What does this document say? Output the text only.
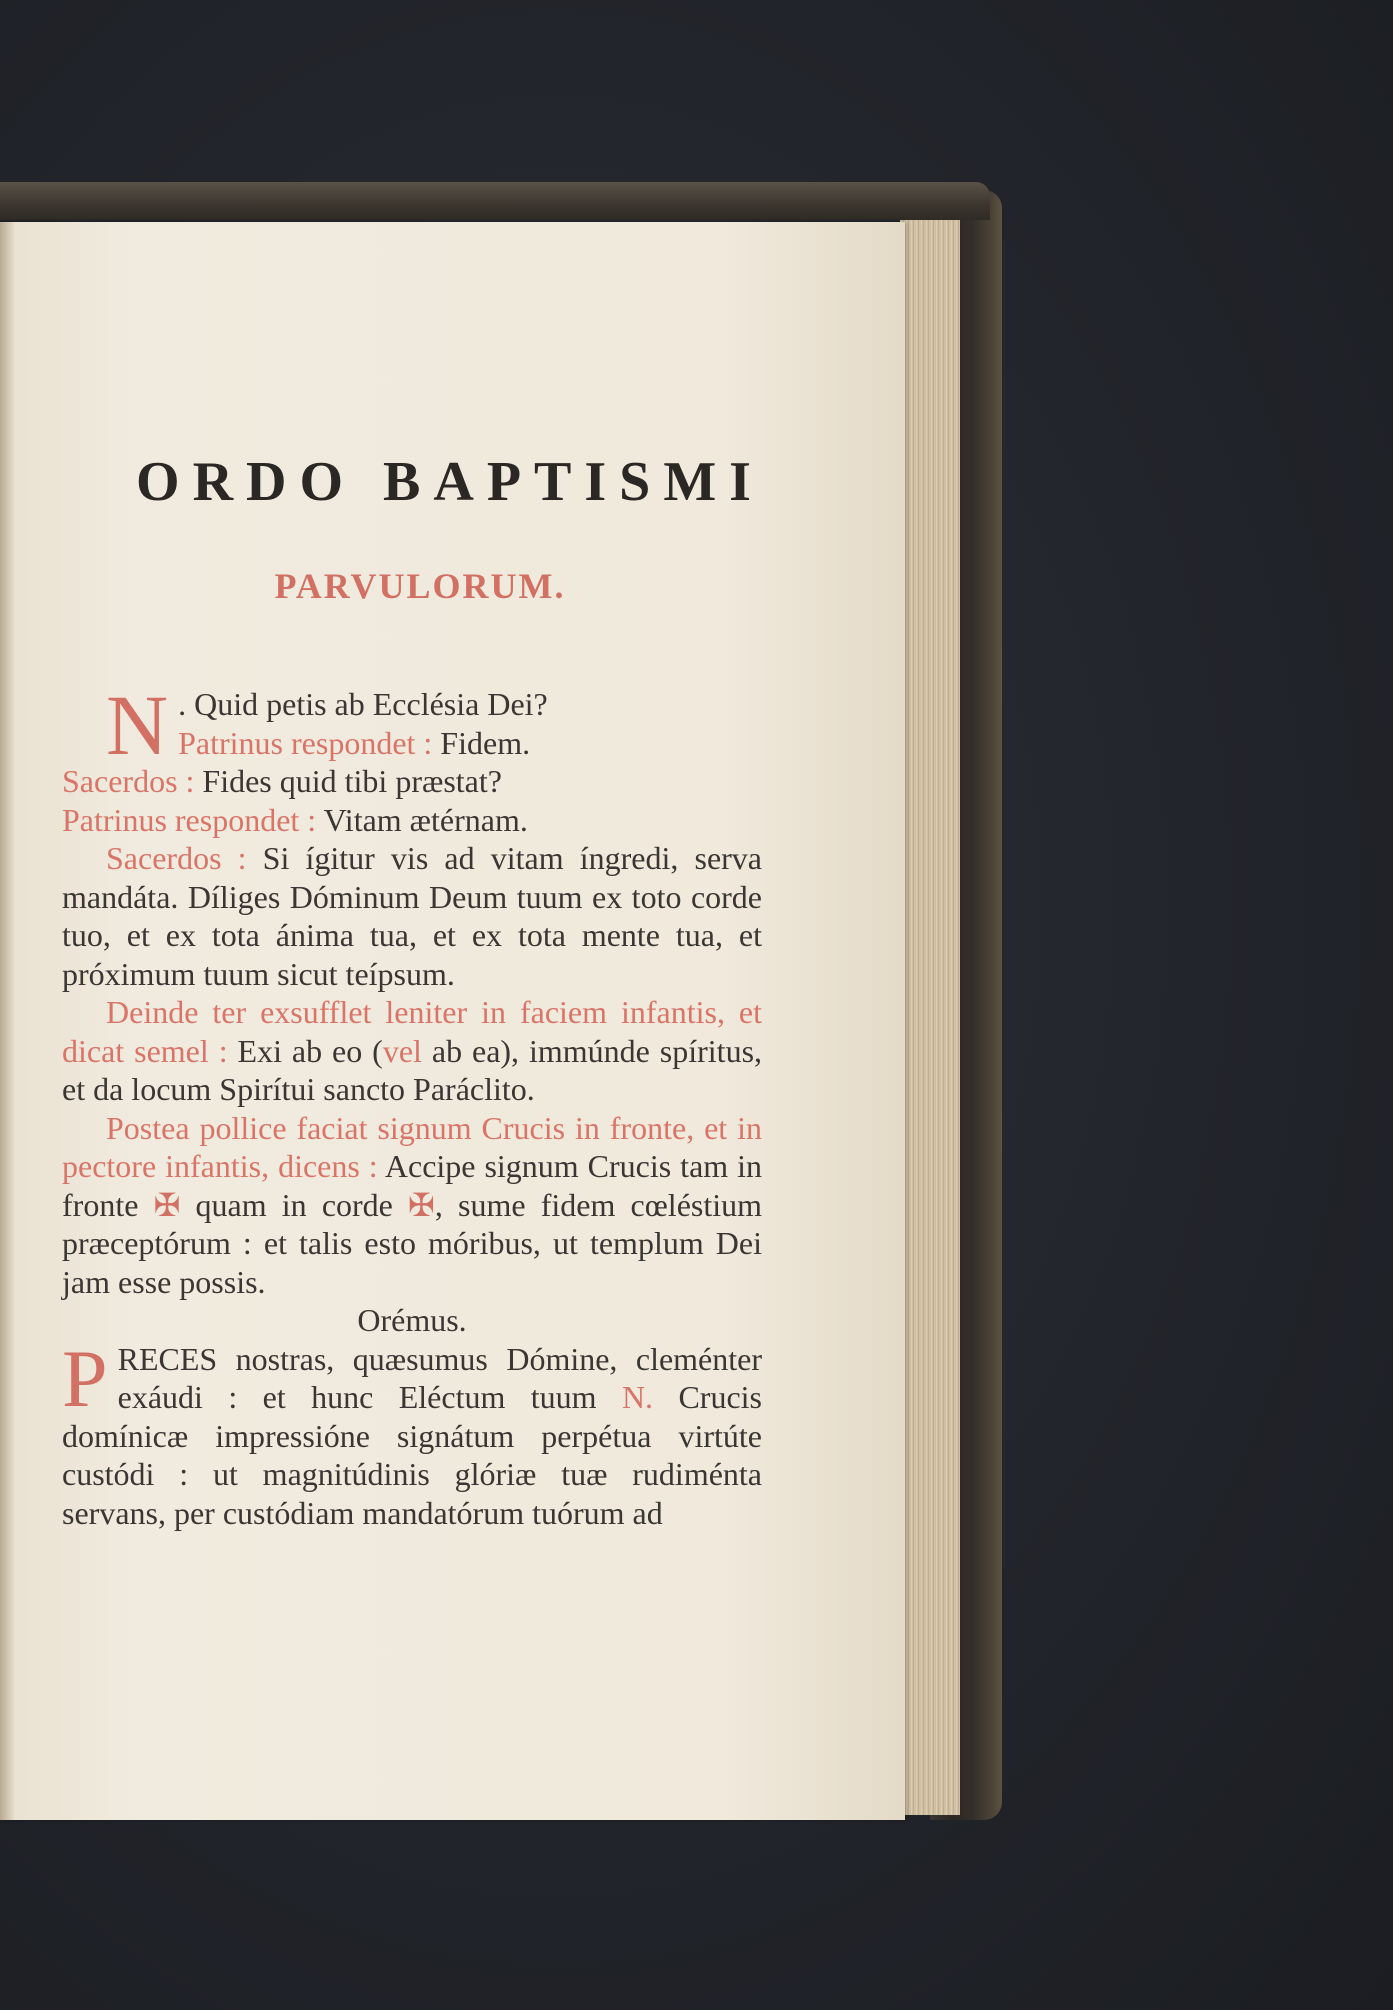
ORDO BAPTISMI
PARVULORUM.

N . Quid petis ab Ecclésia Dei?
Patrinus respondet : Fidem.
Sacerdos : Fides quid tibi præstat?
Patrinus respondet : Vitam ætérnam.
Sacerdos : Si ígitur vis ad vitam íngredi, serva mandáta. Díliges Dóminum Deum tuum ex toto corde tuo, et ex tota ánima tua, et ex tota mente tua, et próximum tuum sicut teípsum.

Deinde ter exsufflet leniter in faciem infantis, et dicat semel : Exi ab eo (vel ab ea), immúnde spíritus, et da locum Spirítui sancto Paráclito.

Postea pollice faciat signum Crucis in fronte, et in pectore infantis, dicens : Accipe signum Crucis tam in fronte ✠ quam in corde ✠, sume fidem cœléstium præceptórum : et talis esto móribus, ut templum Dei jam esse possis.

Orémus.

PRECES nostras, quæsumus Dómine, cleménter exáudi : et hunc Eléctum tuum N. Crucis domínicæ impressióne signátum perpétua virtúte custódi : ut magnitúdinis glóriæ tuæ rudiménta servans, per custódiam mandatórum tuórum ad
